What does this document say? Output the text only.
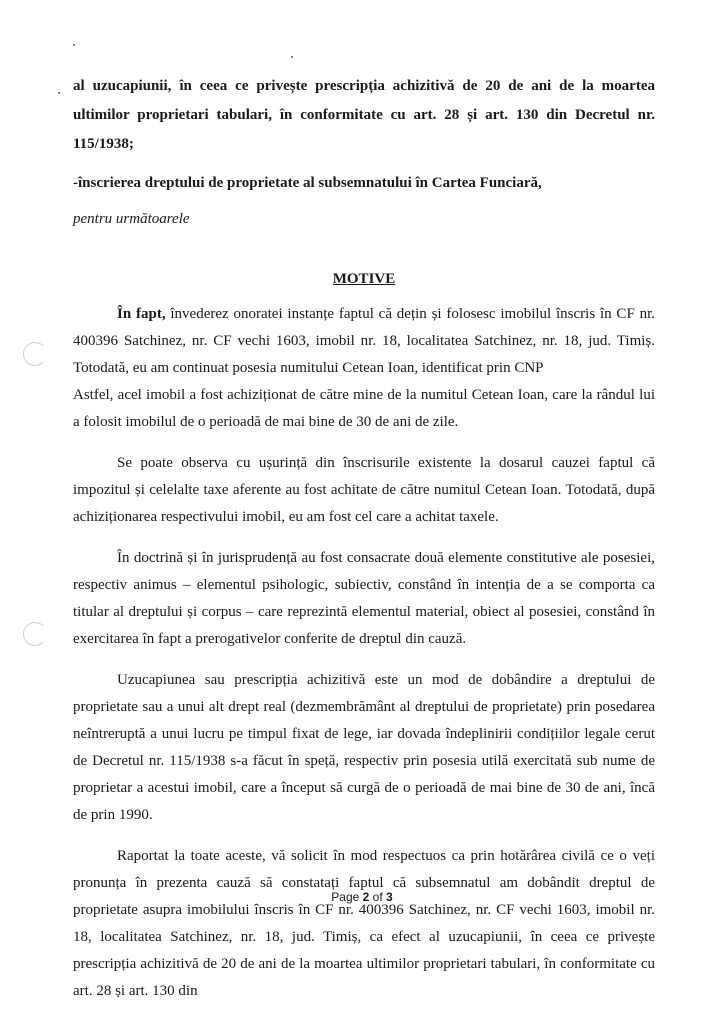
al uzucapiunii, în ceea ce privește prescripția achizitivă de 20 de ani de la moartea ultimilor proprietari tabulari, în conformitate cu art. 28 și art. 130 din Decretul nr. 115/1938;

-înscrierea dreptului de proprietate al subsemnatului în Cartea Funciară,

pentru următoarele

MOTIVE

În fapt, învederez onoratei instanțe faptul că dețin și folosesc imobilul înscris în CF nr. 400396 Satchinez, nr. CF vechi 1603, imobil nr. 18, localitatea Satchinez, nr. 18, jud. Timiș. Totodată, eu am continuat posesia numitului Cetean Ioan, identificat prin CNP

Astfel, acel imobil a fost achiziționat de către mine de la numitul Cetean Ioan, care la rândul lui a folosit imobilul de o perioadă de mai bine de 30 de ani de zile.

Se poate observa cu ușurință din înscrisurile existente la dosarul cauzei faptul că impozitul și celelalte taxe aferente au fost achitate de către numitul Cetean Ioan. Totodată, după achiziționarea respectivului imobil, eu am fost cel care a achitat taxele.

În doctrină și în jurisprudență au fost consacrate două elemente constitutive ale posesiei, respectiv animus – elementul psihologic, subiectiv, constând în intenția de a se comporta ca titular al dreptului și corpus – care reprezintă elementul material, obiect al posesiei, constând în exercitarea în fapt a prerogativelor conferite de dreptul din cauză.

Uzucapiunea sau prescripția achizitivă este un mod de dobândire a dreptului de proprietate sau a unui alt drept real (dezmembrământ al dreptului de proprietate) prin posedarea neîntreruptă a unui lucru pe timpul fixat de lege, iar dovada îndeplinirii condițiilor legale cerut de Decretul nr. 115/1938 s-a făcut în speță, respectiv prin posesia utilă exercitată sub nume de proprietar a acestui imobil, care a început să curgă de o perioadă de mai bine de 30 de ani, încă de prin 1990.

Raportat la toate aceste, vă solicit în mod respectuos ca prin hotărârea civilă ce o veți pronunța în prezenta cauză să constatați faptul că subsemnatul am dobândit dreptul de proprietate asupra imobilului înscris în CF nr. 400396 Satchinez, nr. CF vechi 1603, imobil nr. 18, localitatea Satchinez, nr. 18, jud. Timiș, ca efect al uzucapiunii, în ceea ce privește prescripția achizitivă de 20 de ani de la moartea ultimilor proprietari tabulari, în conformitate cu art. 28 și art. 130 din

Page 2 of 3
